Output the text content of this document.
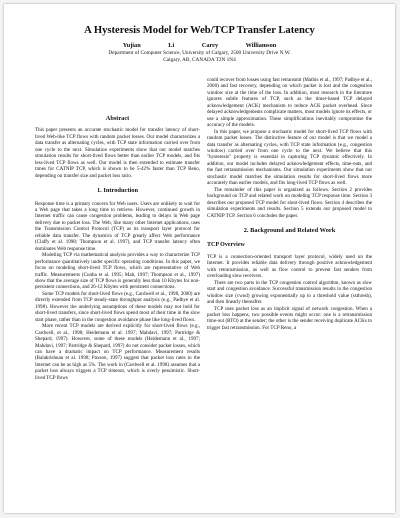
A Hysteresis Model for Web/TCP Transfer Latency
Yujian Li Carey Williamson
Department of Computer Science, University of Calgary, 2500 University Drive N.W.
Calgary, AB, CANADA T2N 1N4
Abstract

This paper presents an accurate stochastic model for transfer latency of short-lived Web-like TCP flows with random packet losses. Our model characterizes a data transfer as alternating cycles, with TCP state information carried over from one cycle to the next. Simulation experiments show that our model matches simulation results for short-lived flows better than earlier TCP models, and fits less-lived TCP flows as well. Our model is then extended to estimate transfer times for CATNIP TCP, which is shown to be 5-42% faster than TCP Reno, depending on transfer size and packet loss ratio.

1. Introduction

Response time is a primary concern for Web users. Users are unlikely to wait for a Web page that takes a long time to retrieve. However, continued growth in Internet traffic can cause congestion problems, leading to delays in Web page delivery due to packet loss. The Web, like many other Internet applications, uses the Transmission Control Protocol (TCP) as its transport layer protocol for reliable data transfer. The dynamics of TCP greatly affect Web performance (Claffy et al. 1998; Thompson et al. 1997), and TCP transfer latency often dominates Web response time.

Modeling TCP via mathematical analysis provides a way to characterize TCP performance quantitatively under specific operating conditions. In this paper, we focus on modeling short-lived TCP flows, which are representative of Web traffic. Measurements (Cunha et al. 1995; Mah, 1997; Thompson et al., 1997) show that the average size of TCP flows is generally less than 10 Kbytes for non-persistent connections, and 26-12 Kbytes with persistent connections.

Some TCP models for short-lived flows (e.g., Cardwell et al., 1998, 2000) are directly extended from TCP steady-state throughput analysis (e.g., Padhye et al. 1998). However the underlying assumptions of these models may not hold for short-lived transfers, since short-lived flows spend most of their time in the slow start phase, rather than in the congestion avoidance phase like long-lived flows.

More recent TCP models are derived explicitly for short-lived flows (e.g., Cardwell, et al., 1998; Heidemann et al. 1997; Mahdavi, 1997; Partridge & Shepard, 1997). However, some of these models (Heidemann et al., 1997; Mahdavi, 1997; Partridge & Shepard, 1997) do not consider packet losses, which can have a dramatic impact on TCP performance. Measurement results (Balakrishnan et al. 1998; Paxson, 1997) suggest that packet loss rates in the Internet can be as high as 5%. The work in (Cardwell et al. 1998) assumes that a packet loss always triggers a TCP timeout, which is overly pessimistic. Short-lived TCP flows

could recover from losses using fast retransmit (Mathis et al., 1997; Padhye et al., 2000) and fast recovery, depending on which packet is lost and the congestion window size at the time of the loss. In addition, most research in the literature ignores subtle features of TCP, such as the timer-based TCP delayed acknowledgement (ACK) mechanism to reduce ACK packet overhead. Since delayed acknowledgements complicate matters, most models ignore its effects, or use a simple approximation. These simplifications inevitably compromise the accuracy of the models.

In this paper, we propose a stochastic model for short-lived TCP flows with random packet losses. The distinctive feature of our model is that we model a data transfer as alternating cycles, with TCP state information (e.g., congestion window) carried over from one cycle to the next. We believe that this "hysteresis" property is essential in capturing TCP dynamic effectively. In addition, our model includes delayed acknowledgement effects, time-outs, and the fast retransmission mechanisms. Our simulation experiments show that our stochastic model matches the simulation results for short-lived flows more accurately than earlier models, and fits long-lived TCP flows as well.

The remainder of this paper is organized as follows. Section 2 provides background on TCP and related work on modeling TCP response time. Section 3 describes our proposed TCP model for short-lived flows. Section 4 describes the simulation experiments and results. Section 5 extends our proposed model to CATNIP TCP. Section 6 concludes the paper.

2. Background and Related Work
TCP Overview

TCP is a connection-oriented transport layer protocol, widely used on the Internet. It provides reliable data delivery through positive acknowledgement with retransmission, as well as flow control to prevent fast senders from overloading slow receivers.

There are two parts in the TCP congestion control algorithm, known as slow start and congestion avoidance. Successful transmission results in the congestion window size (cwnd) growing exponentially up to a threshold value (ssthresh), and then linearly thereafter.

TCP uses packet loss as an implicit signal of network congestion. When a packet loss happens, two possible events might occur: one is a retransmission time-out (RTO) at the sender; the other is the sender receiving duplicate ACKs to trigger fast retransmission. For TCP Reno, a
